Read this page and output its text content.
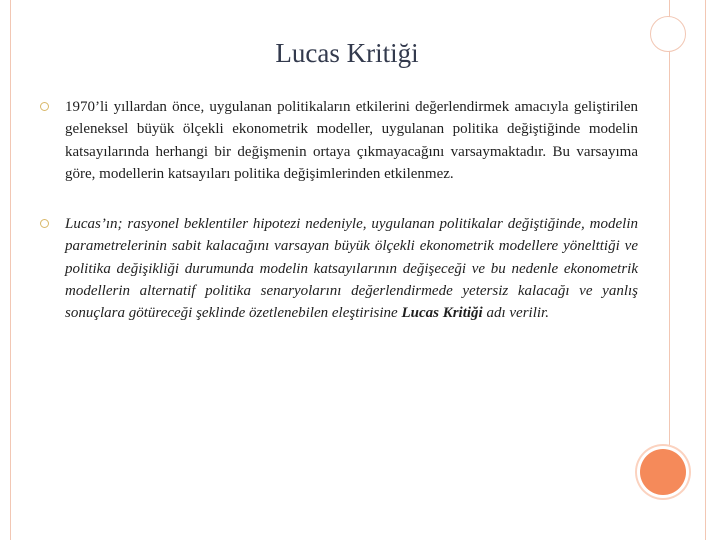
Lucas Kritiği

1970’li yıllardan önce, uygulanan politikaların etkilerini değerlendirmek amacıyla geliştirilen geleneksel büyük ölçekli ekonometrik modeller, uygulanan politika değiştiğinde modelin katsayılarında herhangi bir değişmenin ortaya çıkmayacağını varsaymaktadır. Bu varsayıma göre, modellerin katsayıları politika değişimlerinden etkilenmez.

Lucas’ın; rasyonel beklentiler hipotezi nedeniyle, uygulanan politikalar değiştiğinde, modelin parametrelerinin sabit kalacağını varsayan büyük ölçekli ekonometrik modellere yönelttiği ve politika değişikliği durumunda modelin katsayılarının değişeceği ve bu nedenle ekonometrik modellerin alternatif politika senaryolarını değerlendirmede yetersiz kalacağı ve yanlış sonuçlara götüreceği şeklinde özetlenebilen eleştirisine Lucas Kritiği adı verilir.
